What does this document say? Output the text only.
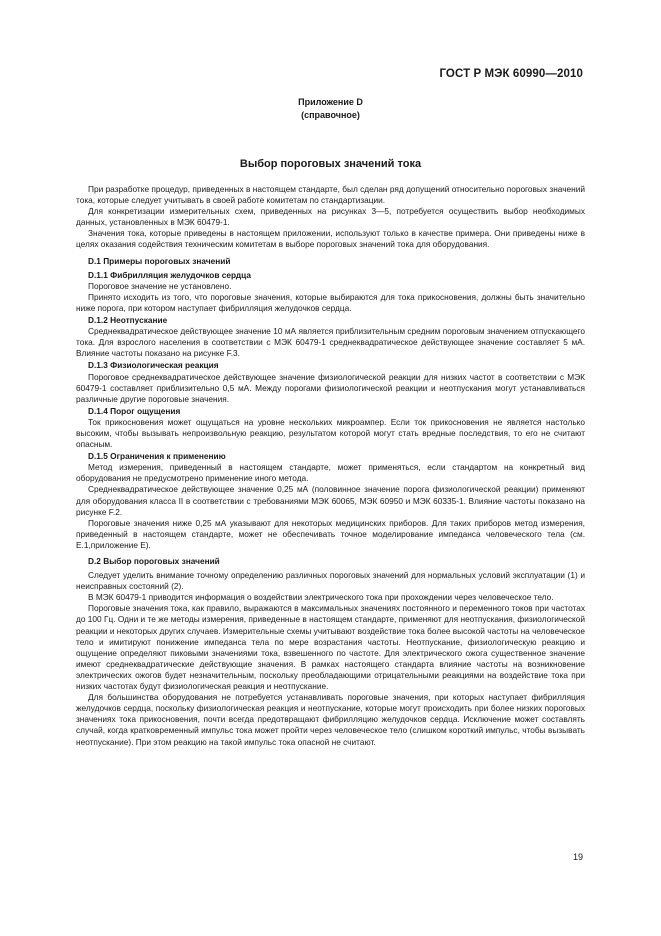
ГОСТ Р МЭК 60990—2010
Приложение D
(справочное)
Выбор пороговых значений тока

При разработке процедур, приведенных в настоящем стандарте, был сделан ряд допущений относительно пороговых значений тока, которые следует учитывать в своей работе комитетам по стандартизации.

Для конкретизации измерительных схем, приведенных на рисунках 3—5, потребуется осуществить выбор необходимых данных, установленных в МЭК 60479-1.

Значения тока, которые приведены в настоящем приложении, используют только в качестве примера. Они приведены ниже в целях оказания содействия техническим комитетам в выборе пороговых значений тока для оборудования.

D.1 Примеры пороговых значений

D.1.1 Фибрилляция желудочков сердца

Пороговое значение не установлено.

Принято исходить из того, что пороговые значения, которые выбираются для тока прикосновения, должны быть значительно ниже порога, при котором наступает фибрилляция желудочков сердца.

D.1.2 Неотпускание

Среднеквадратическое действующее значение 10 мА является приблизительным средним пороговым значением отпускающего тока. Для взрослого населения в соответствии с МЭК 60479-1 среднеквадратическое действующее значение составляет 5 мА. Влияние частоты показано на рисунке F.3.

D.1.3 Физиологическая реакция

Пороговое среднеквадратическое действующее значение физиологической реакции для низких частот в соответствии с МЭК 60479-1 составляет приблизительно 0,5 мА. Между порогами физиологической реакции и неотпускания могут устанавливаться различные другие пороговые значения.

D.1.4 Порог ощущения

Ток прикосновения может ощущаться на уровне нескольких микроампер. Если ток прикосновения не является настолько высоким, чтобы вызывать непроизвольную реакцию, результатом которой могут стать вредные последствия, то его не считают опасным.

D.1.5 Ограничения к применению

Метод измерения, приведенный в настоящем стандарте, может применяться, если стандартом на конкретный вид оборудования не предусмотрено применение иного метода.

Среднеквадратическое действующее значение 0,25 мА (половинное значение порога физиологической реакции) применяют для оборудования класса II в соответствии с требованиями МЭК 60065, МЭК 60950 и МЭК 60335-1. Влияние частоты показано на рисунке F.2.

Пороговые значения ниже 0,25 мА указывают для некоторых медицинских приборов. Для таких приборов метод измерения, приведенный в настоящем стандарте, может не обеспечивать точное моделирование импеданса человеческого тела (см. Е.1,приложение Е).

D.2 Выбор пороговых значений

Следует уделить внимание точному определению различных пороговых значений для нормальных условий эксплуатации (1) и неисправных состояний (2).

В МЭК 60479-1 приводится информация о воздействии электрического тока при прохождении через человеческое тело.

Пороговые значения тока, как правило, выражаются в максимальных значениях постоянного и переменного токов при частотах до 100 Гц. Одни и те же методы измерения, приведенные в настоящем стандарте, применяют для неотпускания, физиологической реакции и некоторых других случаев. Измерительные схемы учитывают воздействие тока более высокой частоты на человеческое тело и имитируют понижение импеданса тела по мере возрастания частоты. Неотпускание, физиологическую реакцию и ощущение определяют пиковыми значениями тока, взвешенного по частоте. Для электрического ожога существенное значение имеют среднеквадратические действующие значения. В рамках настоящего стандарта влияние частоты на возникновение электрических ожогов будет незначительным, поскольку преобладающими отрицательными реакциями на воздействие тока при низких частотах будут физиологическая реакция и неотпускание.

Для большинства оборудования не потребуется устанавливать пороговые значения, при которых наступает фибрилляция желудочков сердца, поскольку физиологическая реакция и неотпускание, которые могут происходить при более низких пороговых значениях тока прикосновения, почти всегда предотвращают фибрилляцию желудочков сердца. Исключение может составлять случай, когда кратковременный импульс тока может пройти через человеческое тело (слишком короткий импульс, чтобы вызывать неотпускание). При этом реакцию на такой импульс тока опасной не считают.

19
